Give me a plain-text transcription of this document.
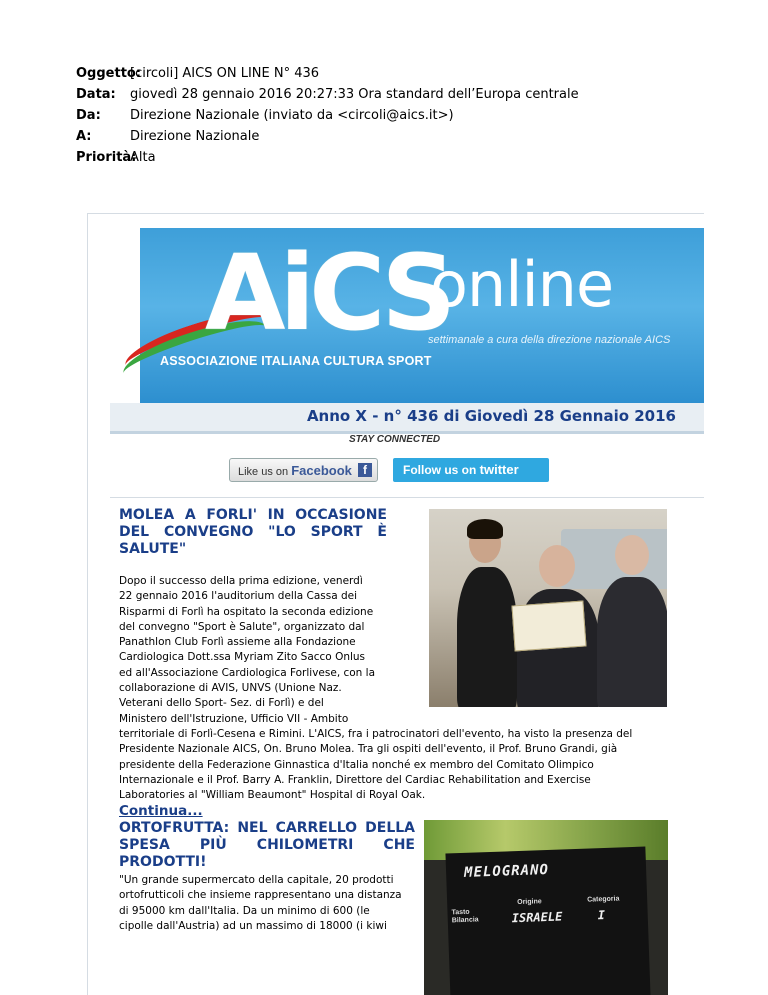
Oggetto:
[circoli] AICS ON LINE N° 436
Data:	giovedì 28 gennaio 2016 20:27:33 Ora standard dell’Europa centrale
Da:	Direzione Nazionale (inviato da <circoli@aics.it>)
A:	Direzione Nazionale
Priorità:
Alta
AiCS
online
settimanale a cura della direzione nazionale AICS
ASSOCIAZIONE ITALIANA CULTURA SPORT
Anno X - n° 436 di Giovedì 28 Gennaio 2016
STAY CONNECTED
Like us on Facebook f	Follow us on twitter
MOLEA A FORLI' IN OCCASIONE DEL CONVEGNO "LO SPORT È SALUTE"
Dopo il successo della prima edizione, venerdì
22 gennaio 2016 l'auditorium della Cassa dei
Risparmi di Forlì ha ospitato la seconda edizione
del convegno "Sport è Salute", organizzato dal
Panathlon Club Forlì assieme alla Fondazione
Cardiologica Dott.ssa Myriam Zito Sacco Onlus
ed all'Associazione Cardiologica Forlivese, con la
collaborazione di AVIS, UNVS (Unione Naz.
Veterani dello Sport- Sez. di Forlì) e del
Ministero dell'Istruzione, Ufficio VII - Ambito
territoriale di Forlì-Cesena e Rimini. L'AICS, fra i patrocinatori dell'evento, ha visto la presenza del
Presidente Nazionale AICS, On. Bruno Molea. Tra gli ospiti dell'evento, il Prof. Bruno Grandi, già
presidente della Federazione Ginnastica d'Italia nonché ex membro del Comitato Olimpico
Internazionale e il Prof. Barry A. Franklin, Direttore del Cardiac Rehabilitation and Exercise
Laboratories al "William Beaumont" Hospital di Royal Oak.
Continua...
ORTOFRUTTA: NEL CARRELLO DELLA SPESA PIÙ CHILOMETRI CHE PRODOTTI!	MELOGRANO
Origine	Categoria
Tasto
Bilancia	ISRAELE	I
"Un grande supermercato della capitale, 20 prodotti
ortofrutticoli che insieme rappresentano una distanza
di 95000 km dall'Italia. Da un minimo di 600 (le
cipolle dall'Austria) ad un massimo di 18000 (i kiwi
